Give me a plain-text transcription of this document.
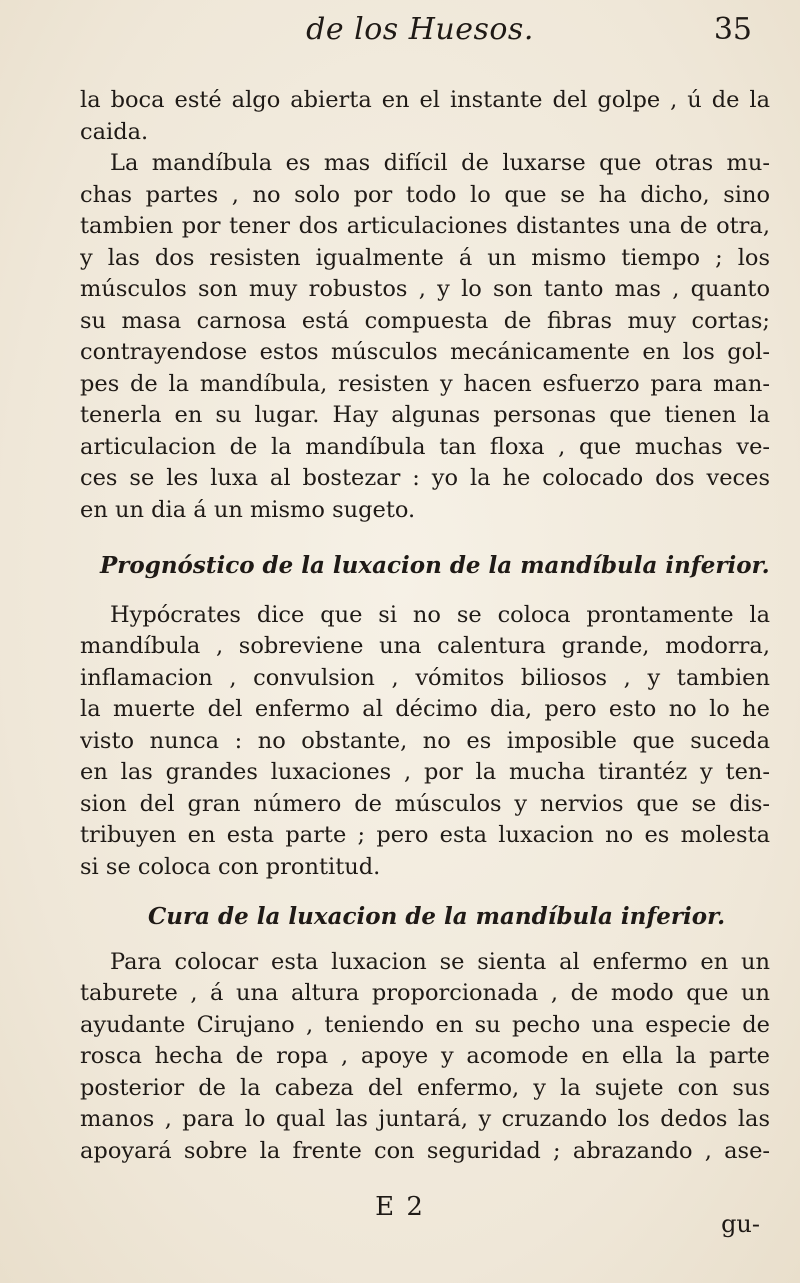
de los Huesos.	35
la boca esté algo abierta en el instante del golpe , ú de la
caida.
La mandíbula es mas difícil de luxarse que otras mu-
chas partes , no solo por todo lo que se ha dicho, sino
tambien por tener dos articulaciones distantes una de otra,
y las dos resisten igualmente á un mismo tiempo ; los
músculos son muy robustos , y lo son tanto mas , quanto
su masa carnosa está compuesta de fibras muy cortas;
contrayendose estos músculos mecánicamente en los gol-
pes de la mandíbula, resisten y hacen esfuerzo para man-
tenerla en su lugar. Hay algunas personas que tienen la
articulacion de la mandíbula tan floxa , que muchas ve-
ces se les luxa al bostezar : yo la he colocado dos veces
en un dia á un mismo sugeto.
Prognóstico de la luxacion de la mandíbula inferior.
Hypócrates dice que si no se coloca prontamente la
mandíbula , sobreviene una calentura grande, modorra,
inflamacion , convulsion , vómitos biliosos , y tambien
la muerte del enfermo al décimo dia, pero esto no lo he
visto nunca : no obstante, no es imposible que suceda
en las grandes luxaciones , por la mucha tirantéz y ten-
sion del gran número de músculos y nervios que se dis-
tribuyen en esta parte ; pero esta luxacion no es molesta
si se coloca con prontitud.
Cura de la luxacion de la mandíbula inferior.
Para colocar esta luxacion se sienta al enfermo en un
taburete , á una altura proporcionada , de modo que un
ayudante Cirujano , teniendo en su pecho una especie de
rosca hecha de ropa , apoye y acomode en ella la parte
posterior de la cabeza del enfermo, y la sujete con sus
manos , para lo qual las juntará, y cruzando los dedos las
apoyará sobre la frente con seguridad ; abrazando , ase-
E 2
gu-
